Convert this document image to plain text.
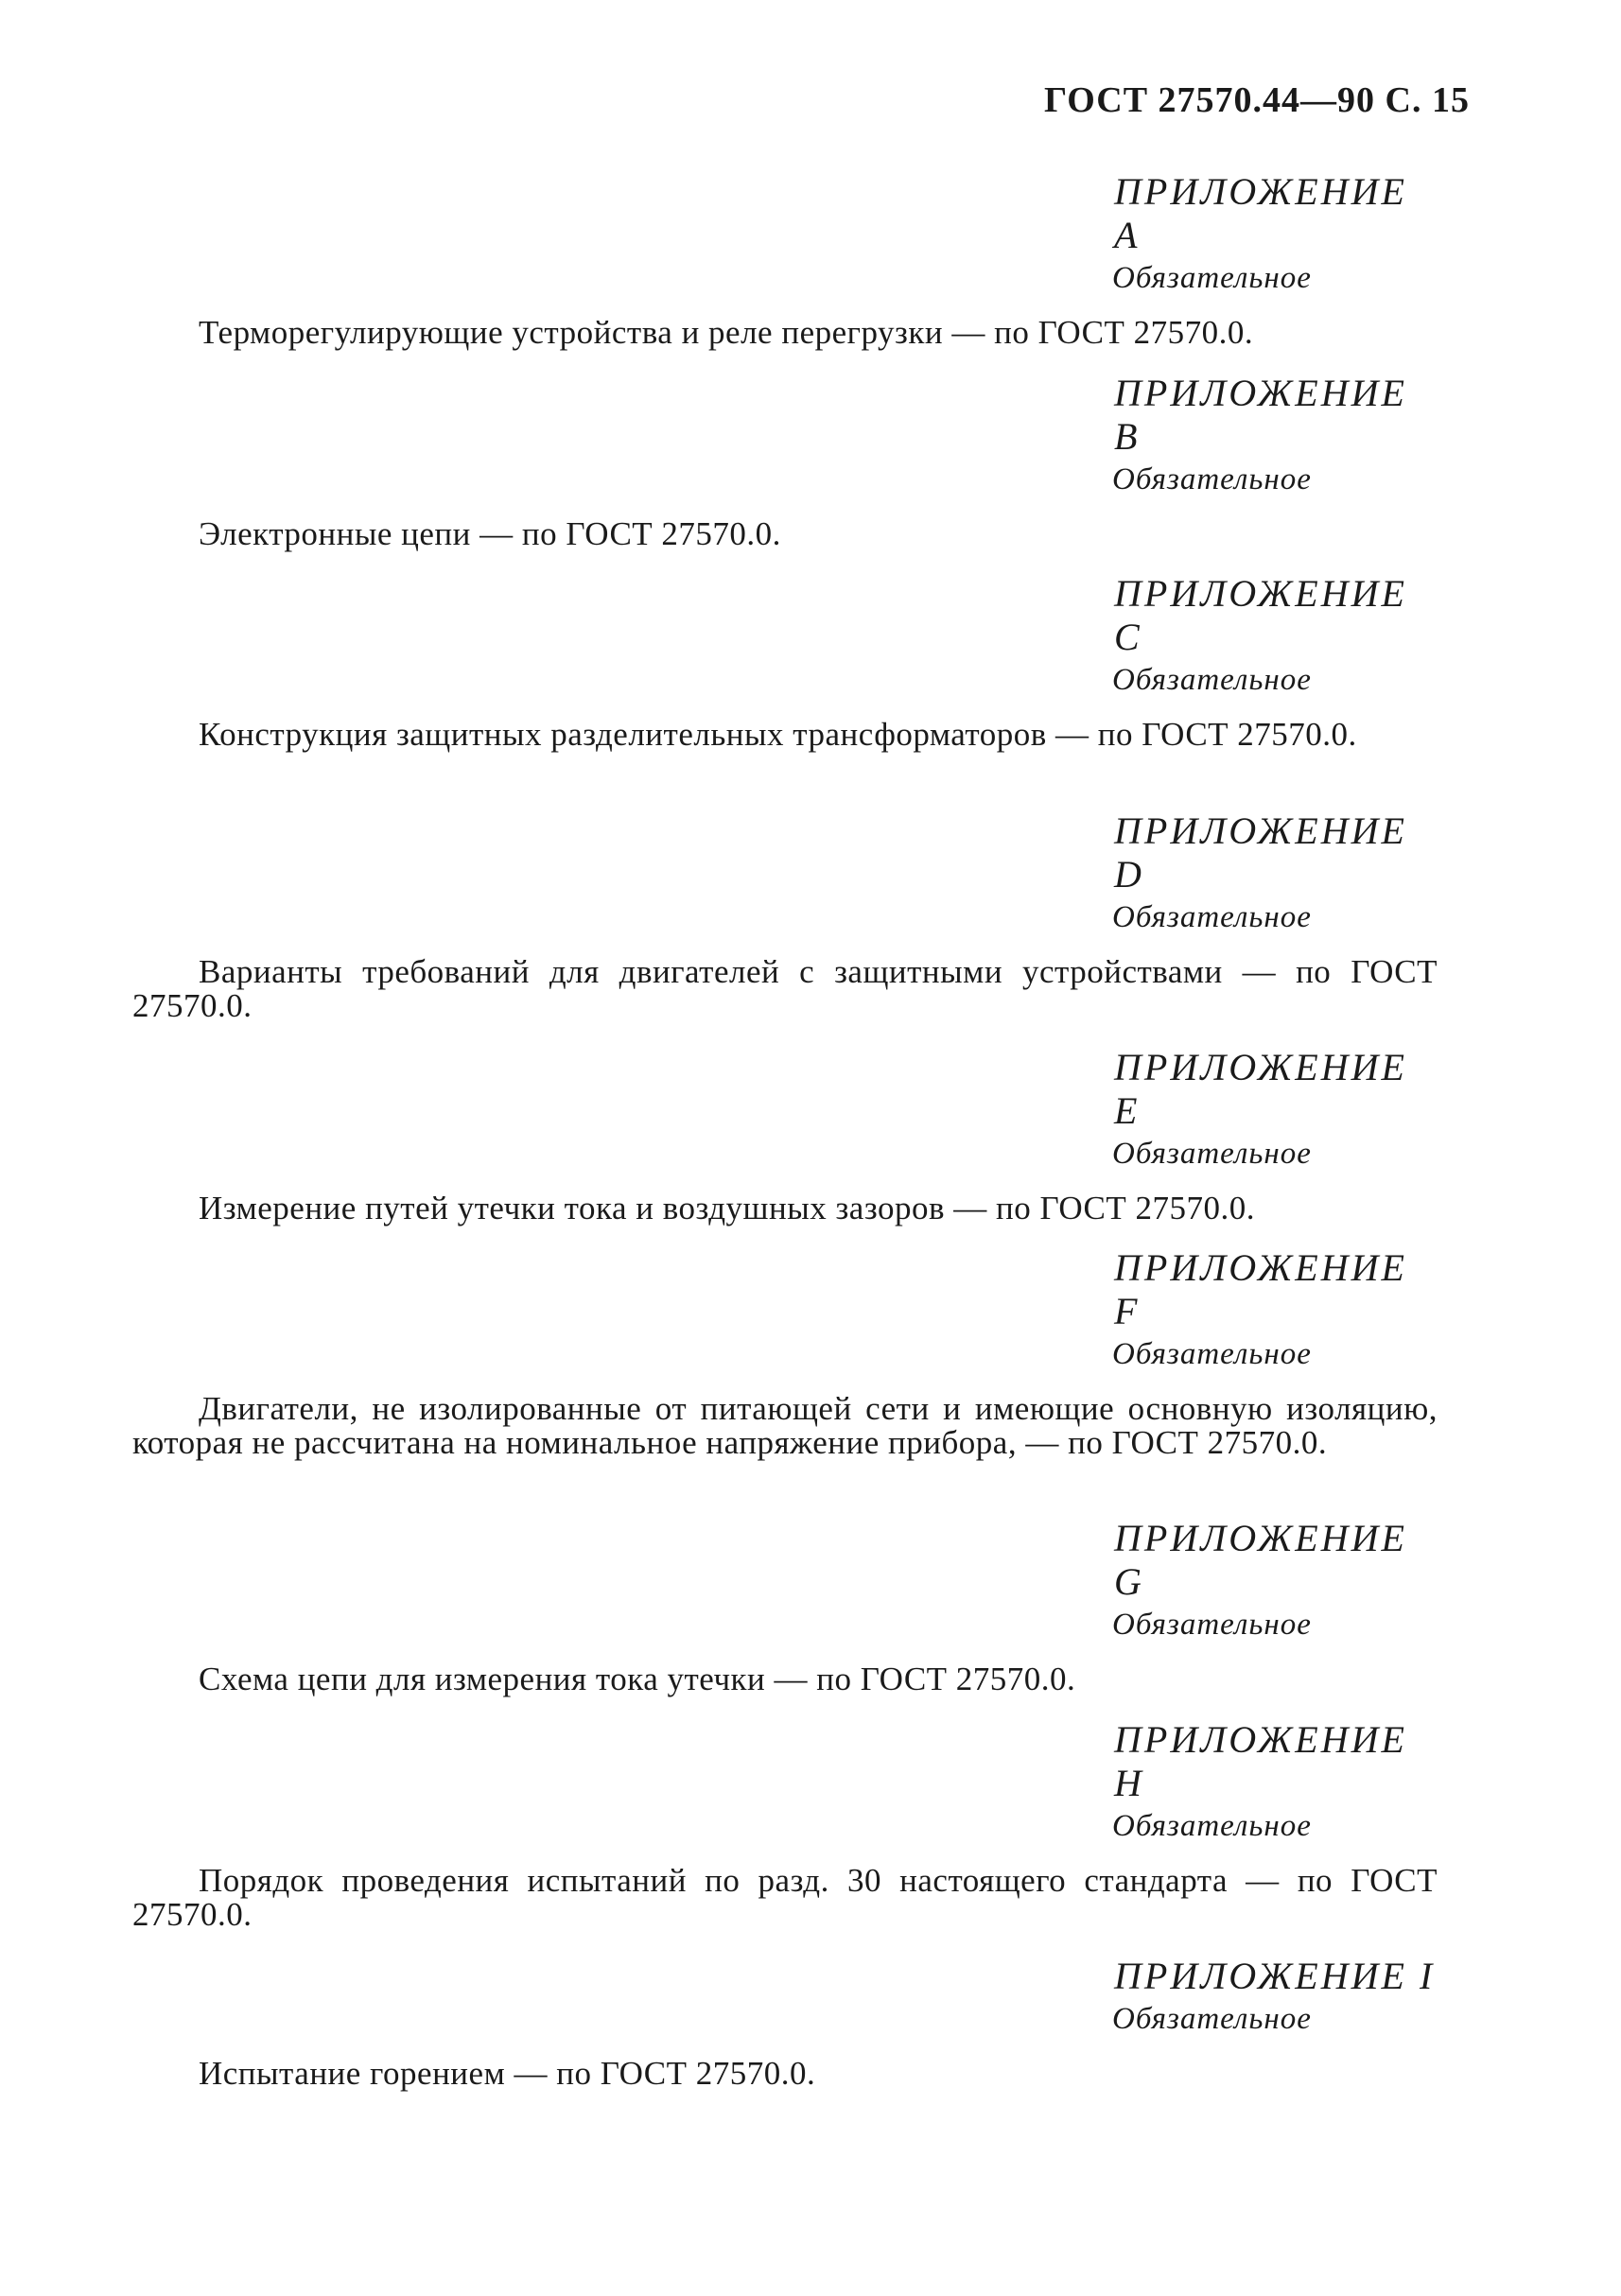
ГОСТ 27570.44—90 С. 15
ПРИЛОЖЕНИЕ A
Обязательное
Терморегулирующие устройства и реле перегрузки — по ГОСТ 27570.0.
ПРИЛОЖЕНИЕ B
Обязательное
Электронные цепи — по ГОСТ 27570.0.
ПРИЛОЖЕНИЕ C
Обязательное
Конструкция защитных разделительных трансформаторов — по ГОСТ 27570.0.
ПРИЛОЖЕНИЕ D
Обязательное
Варианты требований для двигателей с защитными устройствами — по ГОСТ 27570.0.
ПРИЛОЖЕНИЕ E
Обязательное
Измерение путей утечки тока и воздушных зазоров — по ГОСТ 27570.0.
ПРИЛОЖЕНИЕ F
Обязательное
Двигатели, не изолированные от питающей сети и имеющие основную изоляцию, которая не рассчитана на номинальное напряжение прибора, — по ГОСТ 27570.0.
ПРИЛОЖЕНИЕ G
Обязательное
Схема цепи для измерения тока утечки — по ГОСТ 27570.0.
ПРИЛОЖЕНИЕ H
Обязательное
Порядок проведения испытаний по разд. 30 настоящего стандарта — по ГОСТ 27570.0.
ПРИЛОЖЕНИЕ I
Обязательное
Испытание горением — по ГОСТ 27570.0.
